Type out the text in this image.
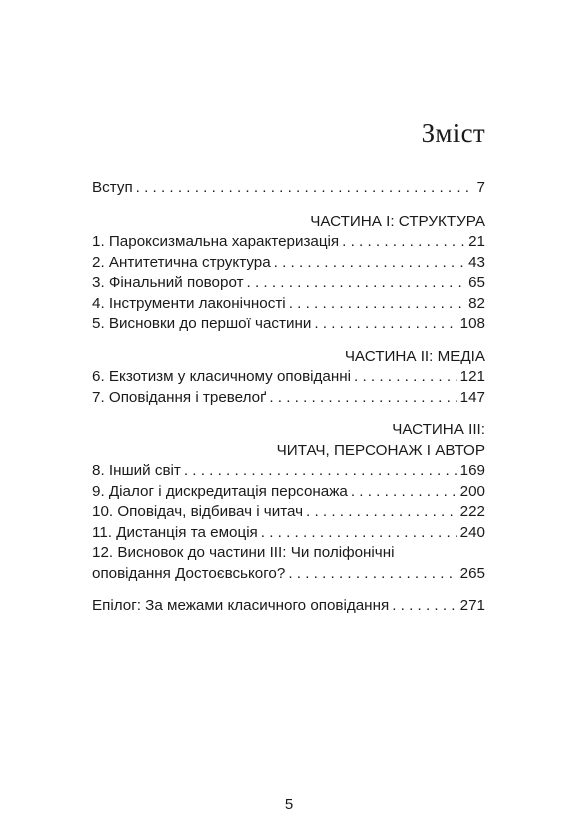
Зміст
Вступ . . .	7
ЧАСТИНА І: СТРУКТУРА
1. Пароксизмальна характеризація . . .	21
2. Антитетична структура . . .	43
3. Фінальний поворот . . .	65
4. Інструменти лаконічності . . .	82
5. Висновки до першої частини . . .	108
ЧАСТИНА ІІ: МЕДІА
6. Екзотизм у класичному оповіданні . . .	121
7. Оповідання і тревелоґ . . .	147
ЧАСТИНА ІІІ:
ЧИТАЧ, ПЕРСОНАЖ І АВТОР
8. Інший світ . . .	169
9. Діалог і дискредитація персонажа . . .	200
10. Оповідач, відбивач і читач . . .	222
11. Дистанція та емоція . . .	240
12. Висновок до частини ІІІ: Чи поліфонічні
оповідання Достоєвського? . . .	265
Епілог: За межами класичного оповідання . . .	271
5
